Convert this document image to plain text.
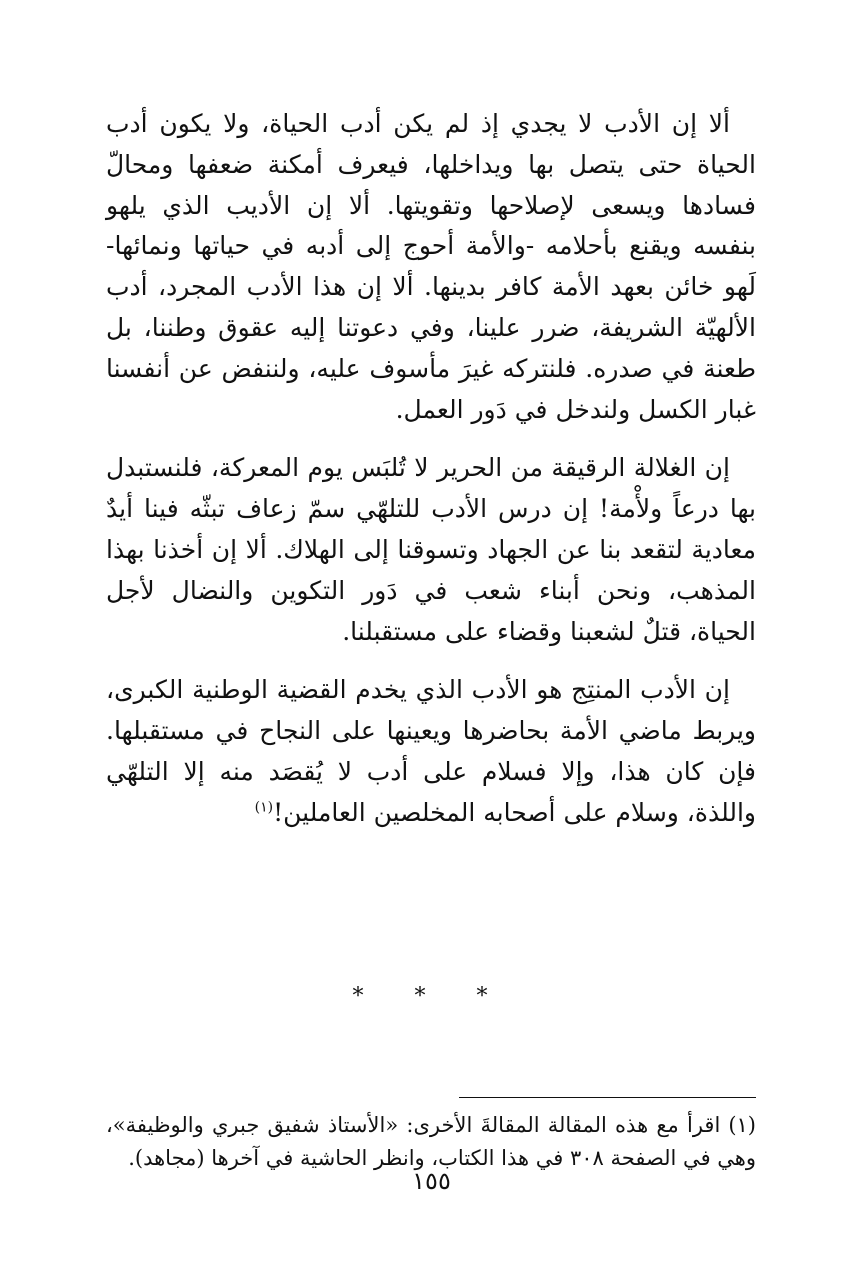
ألا إن الأدب لا يجدي إذ لم يكن أدب الحياة، ولا يكون أدب الحياة حتى يتصل بها ويداخلها، فيعرف أمكنة ضعفها ومحالّ فسادها ويسعى لإصلاحها وتقويتها. ألا إن الأديب الذي يلهو بنفسه ويقنع بأحلامه -والأمة أحوج إلى أدبه في حياتها ونمائها- لَهو خائن بعهد الأمة كافر بدينها. ألا إن هذا الأدب المجرد، أدب الألهيّة الشريفة، ضرر علينا، وفي دعوتنا إليه عقوق وطننا، بل طعنة في صدره. فلنتركه غيرَ مأسوف عليه، ولننفض عن أنفسنا غبار الكسل ولندخل في دَور العمل.

إن الغلالة الرقيقة من الحرير لا تُلبَس يوم المعركة، فلنستبدل بها درعاً ولأْمة! إن درس الأدب للتلهّي سمّ زعاف تبثّه فينا أيدٌ معادية لتقعد بنا عن الجهاد وتسوقنا إلى الهلاك. ألا إن أخذنا بهذا المذهب، ونحن أبناء شعب في دَور التكوين والنضال لأجل الحياة، قتلٌ لشعبنا وقضاء على مستقبلنا.

إن الأدب المنتِج هو الأدب الذي يخدم القضية الوطنية الكبرى، ويربط ماضي الأمة بحاضرها ويعينها على النجاح في مستقبلها. فإن كان هذا، وإلا فسلام على أدب لا يُقصَد منه إلا التلهّي واللذة، وسلام على أصحابه المخلصين العاملين!$^{(١)}$

* * *

(١)اقرأ مع هذه المقالة المقالةَ الأخرى: «الأستاذ شفيق جبري والوظيفة»، وهي في الصفحة ٣٠٨ في هذا الكتاب، وانظر الحاشية في آخرها (مجاهد).

١٥٥
